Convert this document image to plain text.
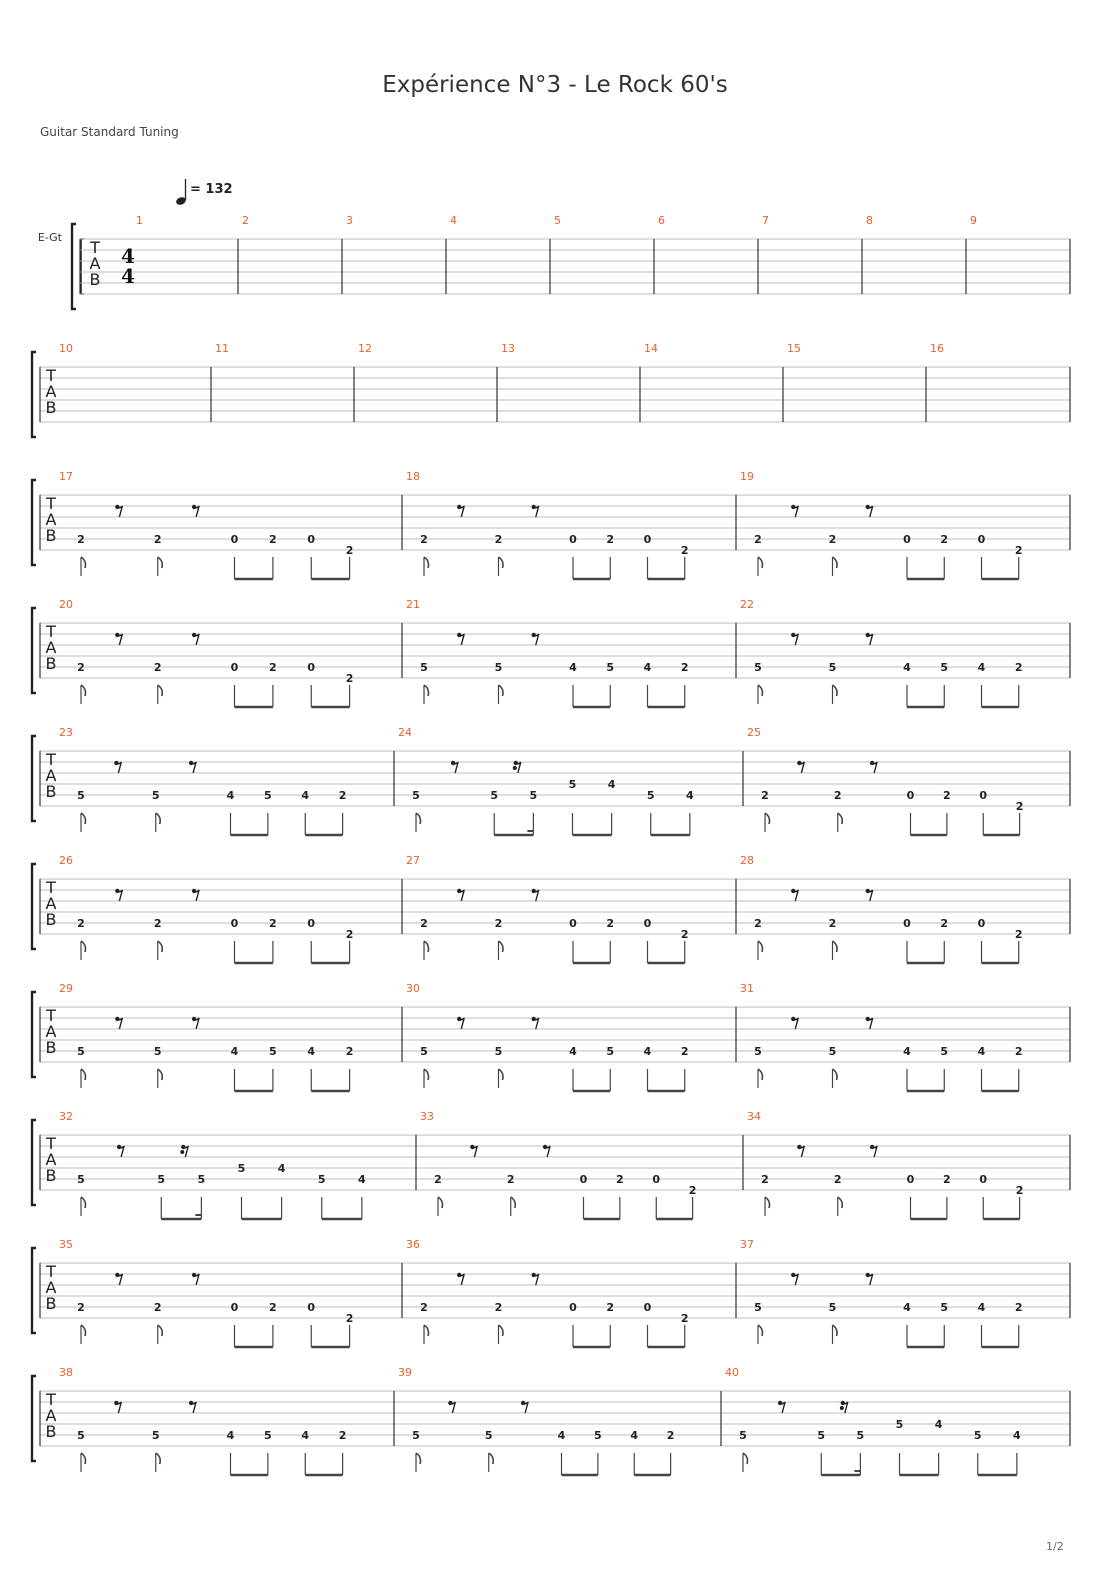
Expérience N°3 - Le Rock 60's
Guitar Standard Tuning
= 132
E-Gt
T
A
B
4
4
1	2	3	4	5	6	7	8	9
T
A
B
10	11	12	13	14	15	16
T
A
B
17
2	2	0	2	0
2
18
2	2	0	2	0
2
19
2	2	0	2	0
2
T
A
B
20
2	2	0	2	0
2
21
5	5	4	5	4	2
22
5	5	4	5	4	2
T
A
B
23
5	5	4	5	4	2
24
5	5	5
5	4
5	4
25
2	2	0	2	0
2
T
A
B
26
2	2	0	2	0
2
27
2	2	0	2	0
2
28
2	2	0	2	0
2
T
A
B
29
5	5	4	5	4	2
30
5	5	4	5	4	2
31
5	5	4	5	4	2
T
A
B
32
5	5	5
5	4
5	4
33
2	2	0	2	0
2
34
2	2	0	2	0
2
T
A
B
35
2	2	0	2	0
2
36
2	2	0	2	0
2
37
5	5	4	5	4	2
T
A
B
38
5	5	4	5	4	2
39
5	5	4	5	4	2
40
5	5	5
5	4
5	4
1/2
